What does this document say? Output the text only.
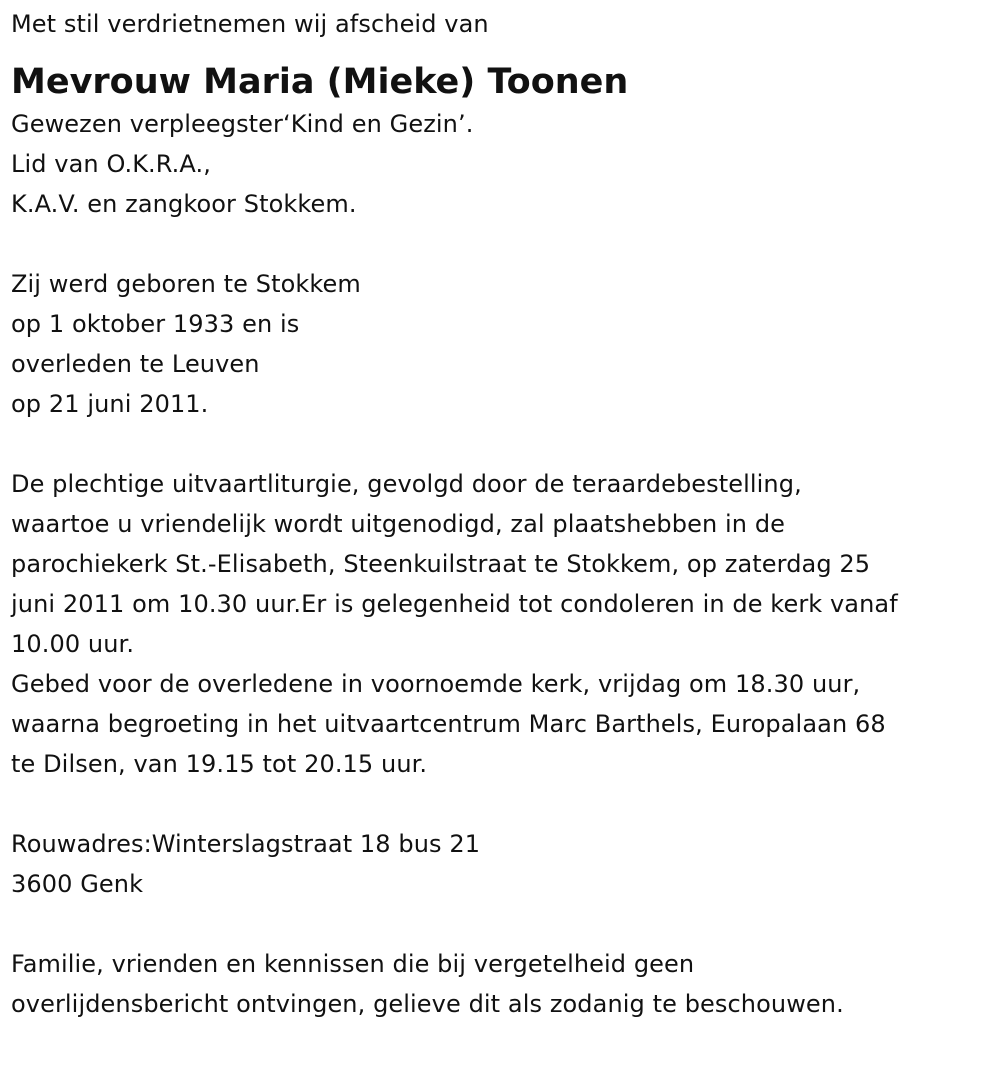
Met stil verdrietnemen wij afscheid van
Mevrouw Maria (Mieke) Toonen
Gewezen verpleegster‘Kind en Gezin’.
Lid van O.K.R.A.,
K.A.V. en zangkoor Stokkem.
Zij werd geboren te Stokkem
op 1 oktober 1933 en is
overleden te Leuven
op 21 juni 2011.
De plechtige uitvaartliturgie, gevolgd door de teraardebestelling,
waartoe u vriendelijk wordt uitgenodigd, zal plaatshebben in de
parochiekerk St.-Elisabeth, Steenkuilstraat te Stokkem, op zaterdag 25
juni 2011 om 10.30 uur.Er is gelegenheid tot condoleren in de kerk vanaf
10.00 uur.
Gebed voor de overledene in voornoemde kerk, vrijdag om 18.30 uur,
waarna begroeting in het uitvaartcentrum Marc Barthels, Europalaan 68
te Dilsen, van 19.15 tot 20.15 uur.
Rouwadres:Winterslagstraat 18 bus 21
3600 Genk
Familie, vrienden en kennissen die bij vergetelheid geen
overlijdensbericht ontvingen, gelieve dit als zodanig te beschouwen.
